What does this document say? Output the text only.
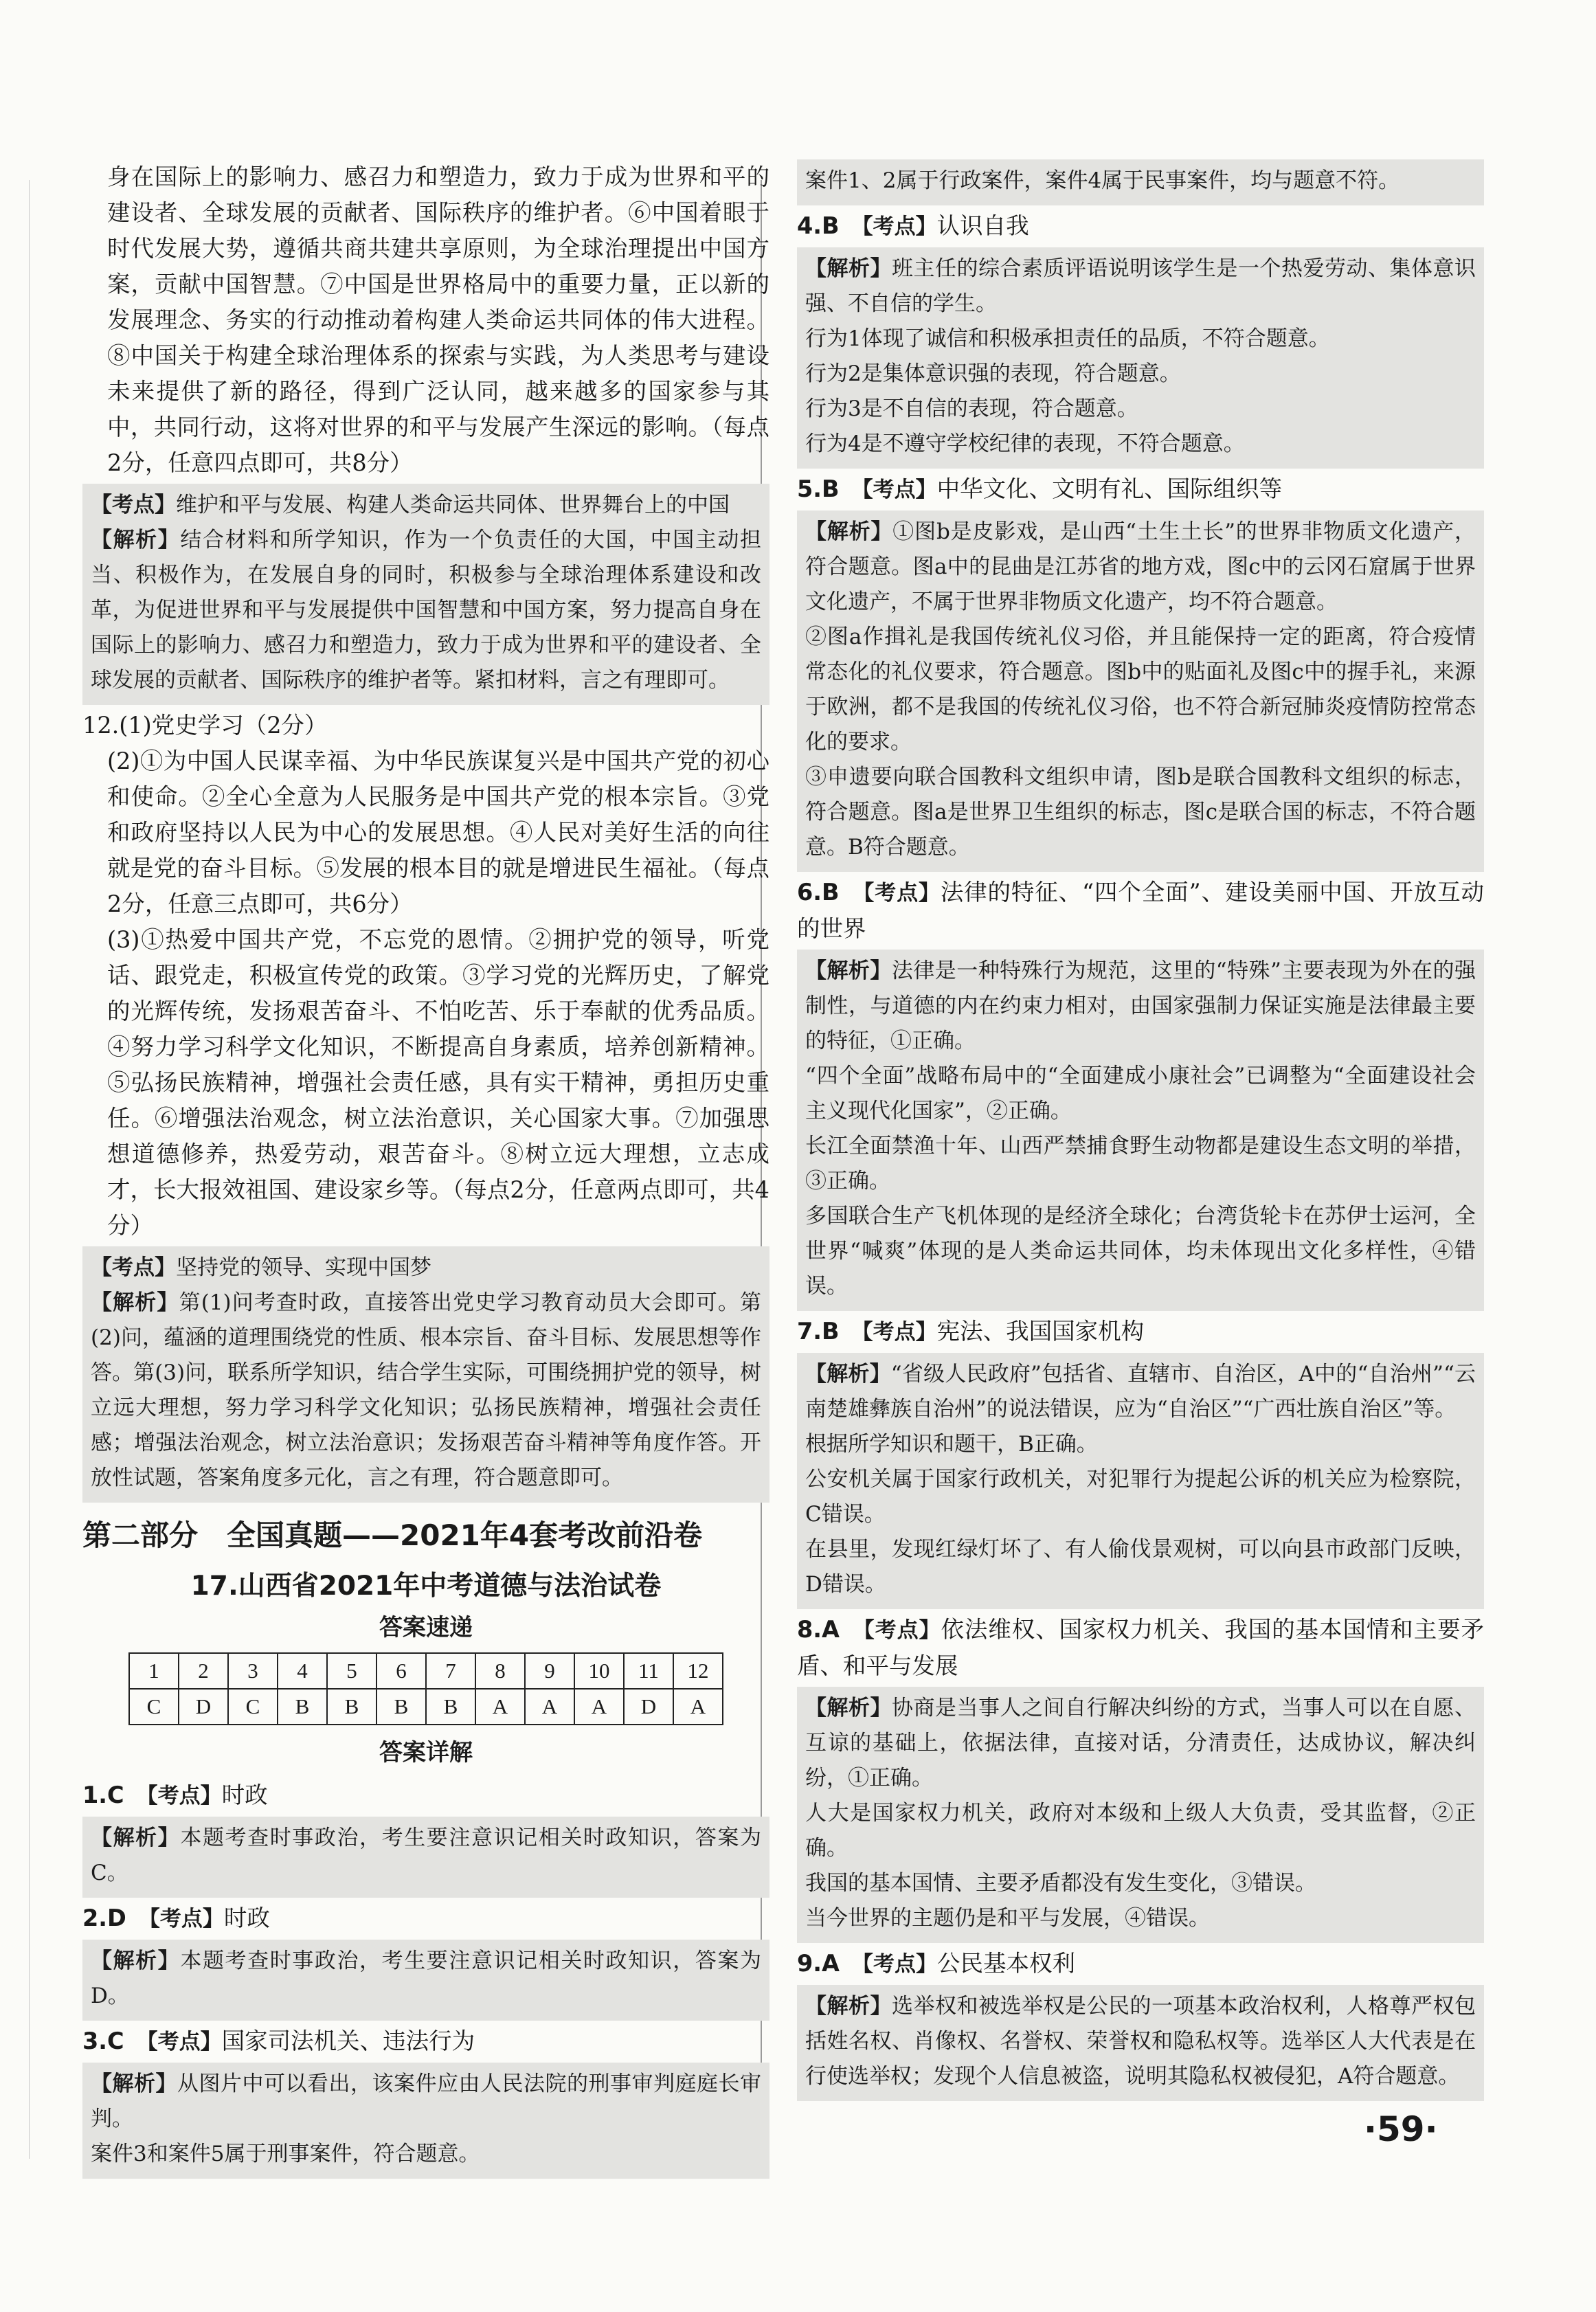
身在国际上的影响力、感召力和塑造力，致力于成为世界和平的建设者、全球发展的贡献者、国际秩序的维护者。⑥中国着眼于时代发展大势，遵循共商共建共享原则，为全球治理提出中国方案，贡献中国智慧。⑦中国是世界格局中的重要力量，正以新的发展理念、务实的行动推动着构建人类命运共同体的伟大进程。⑧中国关于构建全球治理体系的探索与实践，为人类思考与建设未来提供了新的路径，得到广泛认同，越来越多的国家参与其中，共同行动，这将对世界的和平与发展产生深远的影响。（每点2分，任意四点即可，共8分）

【考点】维护和平与发展、构建人类命运共同体、世界舞台上的中国

【解析】结合材料和所学知识，作为一个负责任的大国，中国主动担当、积极作为，在发展自身的同时，积极参与全球治理体系建设和改革，为促进世界和平与发展提供中国智慧和中国方案，努力提高自身在国际上的影响力、感召力和塑造力，致力于成为世界和平的建设者、全球发展的贡献者、国际秩序的维护者等。紧扣材料，言之有理即可。

12.(1)党史学习（2分）

(2)①为中国人民谋幸福、为中华民族谋复兴是中国共产党的初心和使命。②全心全意为人民服务是中国共产党的根本宗旨。③党和政府坚持以人民为中心的发展思想。④人民对美好生活的向往就是党的奋斗目标。⑤发展的根本目的就是增进民生福祉。（每点2分，任意三点即可，共6分）

(3)①热爱中国共产党，不忘党的恩情。②拥护党的领导，听党话、跟党走，积极宣传党的政策。③学习党的光辉历史，了解党的光辉传统，发扬艰苦奋斗、不怕吃苦、乐于奉献的优秀品质。④努力学习科学文化知识，不断提高自身素质，培养创新精神。⑤弘扬民族精神，增强社会责任感，具有实干精神，勇担历史重任。⑥增强法治观念，树立法治意识，关心国家大事。⑦加强思想道德修养，热爱劳动，艰苦奋斗。⑧树立远大理想，立志成才，长大报效祖国、建设家乡等。（每点2分，任意两点即可，共4分）

【考点】坚持党的领导、实现中国梦

【解析】第(1)问考查时政，直接答出党史学习教育动员大会即可。第(2)问，蕴涵的道理围绕党的性质、根本宗旨、奋斗目标、发展思想等作答。第(3)问，联系所学知识，结合学生实际，可围绕拥护党的领导，树立远大理想，努力学习科学文化知识；弘扬民族精神，增强社会责任感；增强法治观念，树立法治意识；发扬艰苦奋斗精神等角度作答。开放性试题，答案角度多元化，言之有理，符合题意即可。

第二部分　全国真题——2021年4套考改前沿卷
17.山西省2021年中考道德与法治试卷
答案速递
1	2	3	4	5	6	7	8	9	10	11	12
C	D	C	B	B	B	B	A	A	A	D	A
答案详解

1.C　 【考点】时政

【解析】本题考查时事政治，考生要注意识记相关时政知识，答案为C。

2.D　 【考点】时政

【解析】本题考查时事政治，考生要注意识记相关时政知识，答案为D。

3.C　 【考点】国家司法机关、违法行为

【解析】从图片中可以看出，该案件应由人民法院的刑事审判庭庭长审判。

案件3和案件5属于刑事案件，符合题意。

案件1、2属于行政案件，案件4属于民事案件，均与题意不符。

4.B　 【考点】认识自我

【解析】班主任的综合素质评语说明该学生是一个热爱劳动、集体意识强、不自信的学生。

行为1体现了诚信和积极承担责任的品质，不符合题意。

行为2是集体意识强的表现，符合题意。

行为3是不自信的表现，符合题意。

行为4是不遵守学校纪律的表现，不符合题意。

5.B　 【考点】中华文化、文明有礼、国际组织等

【解析】①图b是皮影戏，是山西“土生土长”的世界非物质文化遗产，符合题意。图a中的昆曲是江苏省的地方戏，图c中的云冈石窟属于世界文化遗产，不属于世界非物质文化遗产，均不符合题意。

②图a作揖礼是我国传统礼仪习俗，并且能保持一定的距离，符合疫情常态化的礼仪要求，符合题意。图b中的贴面礼及图c中的握手礼，来源于欧洲，都不是我国的传统礼仪习俗，也不符合新冠肺炎疫情防控常态化的要求。

③申遗要向联合国教科文组织申请，图b是联合国教科文组织的标志，符合题意。图a是世界卫生组织的标志，图c是联合国的标志，不符合题意。B符合题意。

6.B　 【考点】法律的特征、“四个全面”、建设美丽中国、开放互动的世界

【解析】法律是一种特殊行为规范，这里的“特殊”主要表现为外在的强制性，与道德的内在约束力相对，由国家强制力保证实施是法律最主要的特征，①正确。

“四个全面”战略布局中的“全面建成小康社会”已调整为“全面建设社会主义现代化国家”，②正确。

长江全面禁渔十年、山西严禁捕食野生动物都是建设生态文明的举措，③正确。

多国联合生产飞机体现的是经济全球化；台湾货轮卡在苏伊士运河，全世界“喊爽”体现的是人类命运共同体，均未体现出文化多样性，④错误。

7.B　 【考点】宪法、我国国家机构

【解析】“省级人民政府”包括省、直辖市、自治区，A中的“自治州”“云南楚雄彝族自治州”的说法错误，应为“自治区”“广西壮族自治区”等。

根据所学知识和题干，B正确。

公安机关属于国家行政机关，对犯罪行为提起公诉的机关应为检察院，C错误。

在县里，发现红绿灯坏了、有人偷伐景观树，可以向县市政部门反映，D错误。

8.A　 【考点】依法维权、国家权力机关、我国的基本国情和主要矛盾、和平与发展

【解析】协商是当事人之间自行解决纠纷的方式，当事人可以在自愿、互谅的基础上，依据法律，直接对话，分清责任，达成协议，解决纠纷，①正确。

人大是国家权力机关，政府对本级和上级人大负责，受其监督，②正确。

我国的基本国情、主要矛盾都没有发生变化，③错误。

当今世界的主题仍是和平与发展，④错误。

9.A　 【考点】公民基本权利

【解析】选举权和被选举权是公民的一项基本政治权利，人格尊严权包括姓名权、肖像权、名誉权、荣誉权和隐私权等。选举区人大代表是在行使选举权；发现个人信息被盗，说明其隐私权被侵犯，A符合题意。

·59·
